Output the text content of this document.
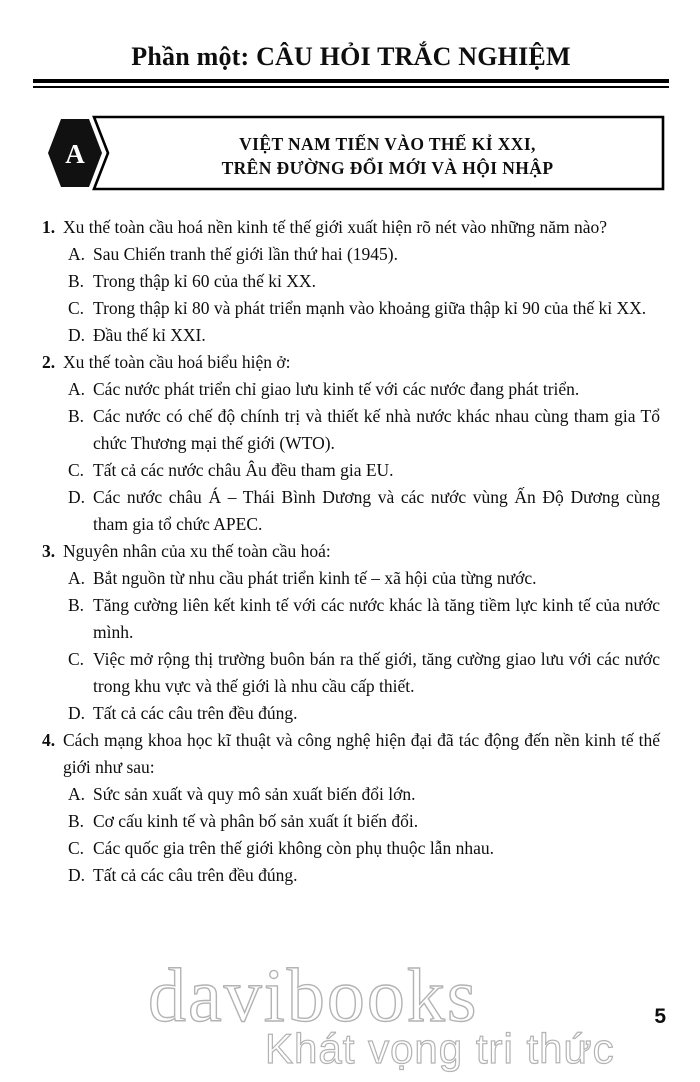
davibooks
Khát vọng tri thức
Phần một: CÂU HỎI TRẮC NGHIỆM
A	VIỆT NAM TIẾN VÀO THẾ KỈ XXI,
TRÊN ĐƯỜNG ĐỔI MỚI VÀ HỘI NHẬP

1. Xu thế toàn cầu hoá nền kinh tế thế giới xuất hiện rõ nét vào những năm nào?

A. Sau Chiến tranh thế giới lần thứ hai (1945).

B. Trong thập kỉ 60 của thế kỉ XX.

C. Trong thập kỉ 80 và phát triển mạnh vào khoảng giữa thập kỉ 90 của thế kỉ XX.

D. Đầu thế kỉ XXI.

2. Xu thế toàn cầu hoá biểu hiện ở:

A. Các nước phát triển chỉ giao lưu kinh tế với các nước đang phát triển.

B. Các nước có chế độ chính trị và thiết kế nhà nước khác nhau cùng tham gia Tổ chức Thương mại thế giới (WTO).

C. Tất cả các nước châu Âu đều tham gia EU.

D. Các nước châu Á – Thái Bình Dương và các nước vùng Ấn Độ Dương cùng tham gia tổ chức APEC.

3. Nguyên nhân của xu thế toàn cầu hoá:

A. Bắt nguồn từ nhu cầu phát triển kinh tế – xã hội của từng nước.

B. Tăng cường liên kết kinh tế với các nước khác là tăng tiềm lực kinh tế của nước mình.

C. Việc mở rộng thị trường buôn bán ra thế giới, tăng cường giao lưu với các nước trong khu vực và thế giới là nhu cầu cấp thiết.

D. Tất cả các câu trên đều đúng.

4. Cách mạng khoa học kĩ thuật và công nghệ hiện đại đã tác động đến nền kinh tế thế giới như sau:

A. Sức sản xuất và quy mô sản xuất biến đổi lớn.

B. Cơ cấu kinh tế và phân bố sản xuất ít biến đổi.

C. Các quốc gia trên thế giới không còn phụ thuộc lẫn nhau.

D. Tất cả các câu trên đều đúng.

5
